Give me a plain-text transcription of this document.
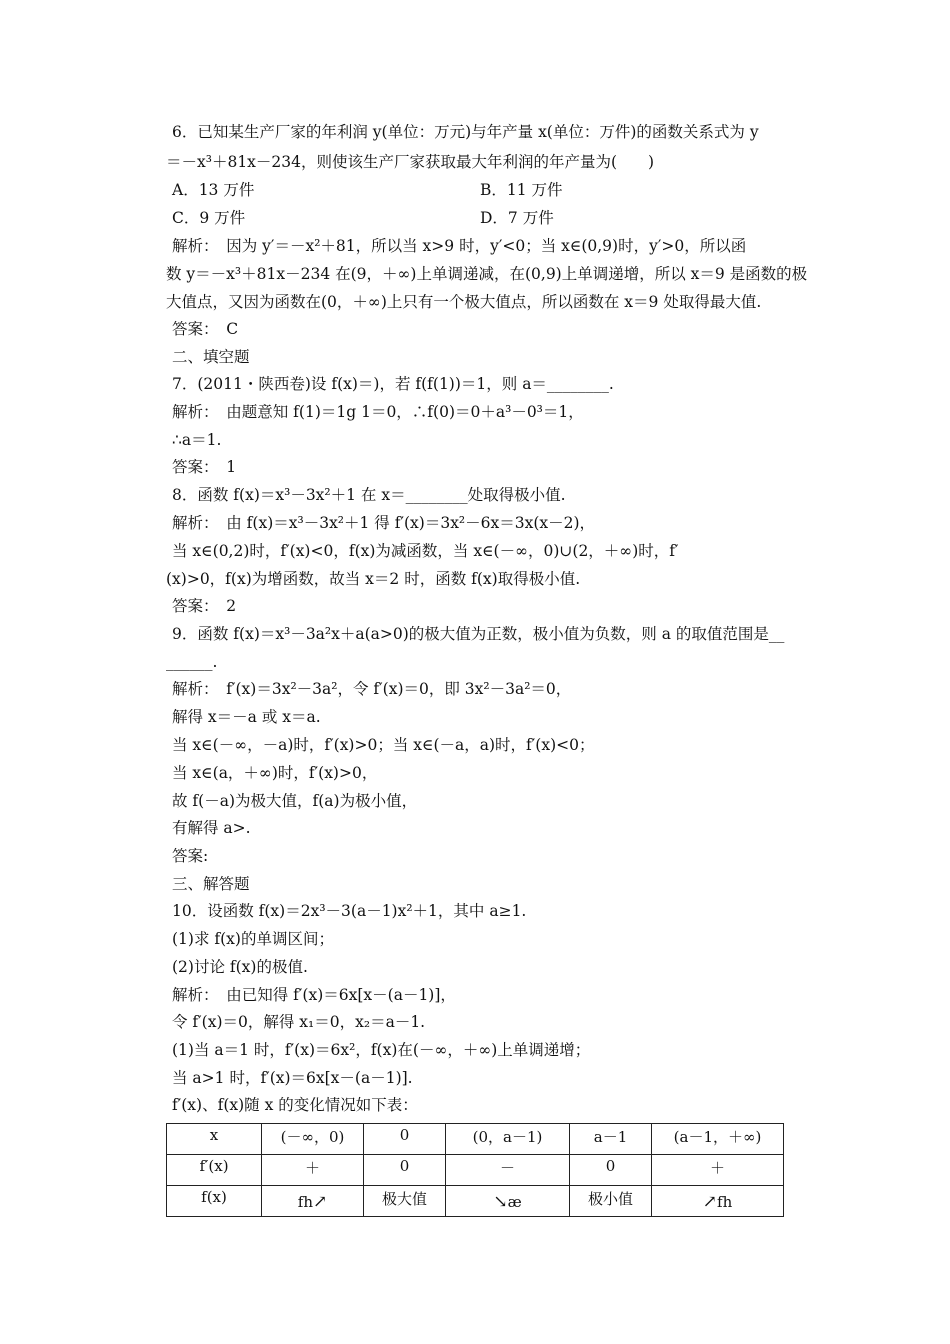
6．已知某生产厂家的年利润 y(单位：万元)与年产量 x(单位：万件)的函数关系式为 y
＝－x³＋81x－234，则使该生产厂家获取最大年利润的年产量为(　　)
A．13 万件	B．11 万件
C．9 万件	D．7 万件
解析：　因为 y′＝－x²＋81，所以当 x>9 时，y′<0；当 x∈(0,9)时，y′>0，所以函
数 y＝－x³＋81x－234 在(9，＋∞)上单调递减，在(0,9)上单调递增，所以 x＝9 是函数的极
大值点，又因为函数在(0，＋∞)上只有一个极大值点，所以函数在 x＝9 处取得最大值.
答案：　C
二、填空题
7．(2011・陕西卷)设 f(x)＝)，若 f(f(1))＝1，则 a＝________.
解析：　由题意知 f(1)＝1g 1＝0，∴f(0)＝0＋a³－0³＝1，
∴a＝1.
答案：　1
8．函数 f(x)＝x³－3x²＋1 在 x＝________处取得极小值.
解析：　由 f(x)＝x³－3x²＋1 得 f′(x)＝3x²－6x＝3x(x－2)，
当 x∈(0,2)时，f′(x)<0，f(x)为减函数，当 x∈(－∞，0)∪(2，＋∞)时，f′
(x)>0，f(x)为增函数，故当 x＝2 时，函数 f(x)取得极小值.
答案：　2
9．函数 f(x)＝x³－3a²x＋a(a>0)的极大值为正数，极小值为负数，则 a 的取值范围是__
______.
解析：　f′(x)＝3x²－3a²，令 f′(x)＝0，即 3x²－3a²＝0，
解得 x＝－a 或 x＝a.
当 x∈(－∞，－a)时，f′(x)>0；当 x∈(－a，a)时，f′(x)<0；
当 x∈(a，＋∞)时，f′(x)>0，
故 f(－a)为极大值，f(a)为极小值，
有解得 a>.
答案:
三、解答题
10．设函数 f(x)＝2x³－3(a－1)x²＋1，其中 a≥1.
(1)求 f(x)的单调区间；
(2)讨论 f(x)的极值.
解析：　由已知得 f′(x)＝6x[x－(a－1)]，
令 f′(x)＝0，解得 x₁＝0，x₂＝a－1.
(1)当 a＝1 时，f′(x)＝6x²，f(x)在(－∞，＋∞)上单调递增；
当 a>1 时，f′(x)＝6x[x－(a－1)].
f′(x)、f(x)随 x 的变化情况如下表：
x	(－∞，0)	0	(0，a－1)	a－1	(a－1，＋∞)
f′(x)	＋	0	－	0	＋
f(x)	fh↗	极大值	↘æ	极小值	↗fh
